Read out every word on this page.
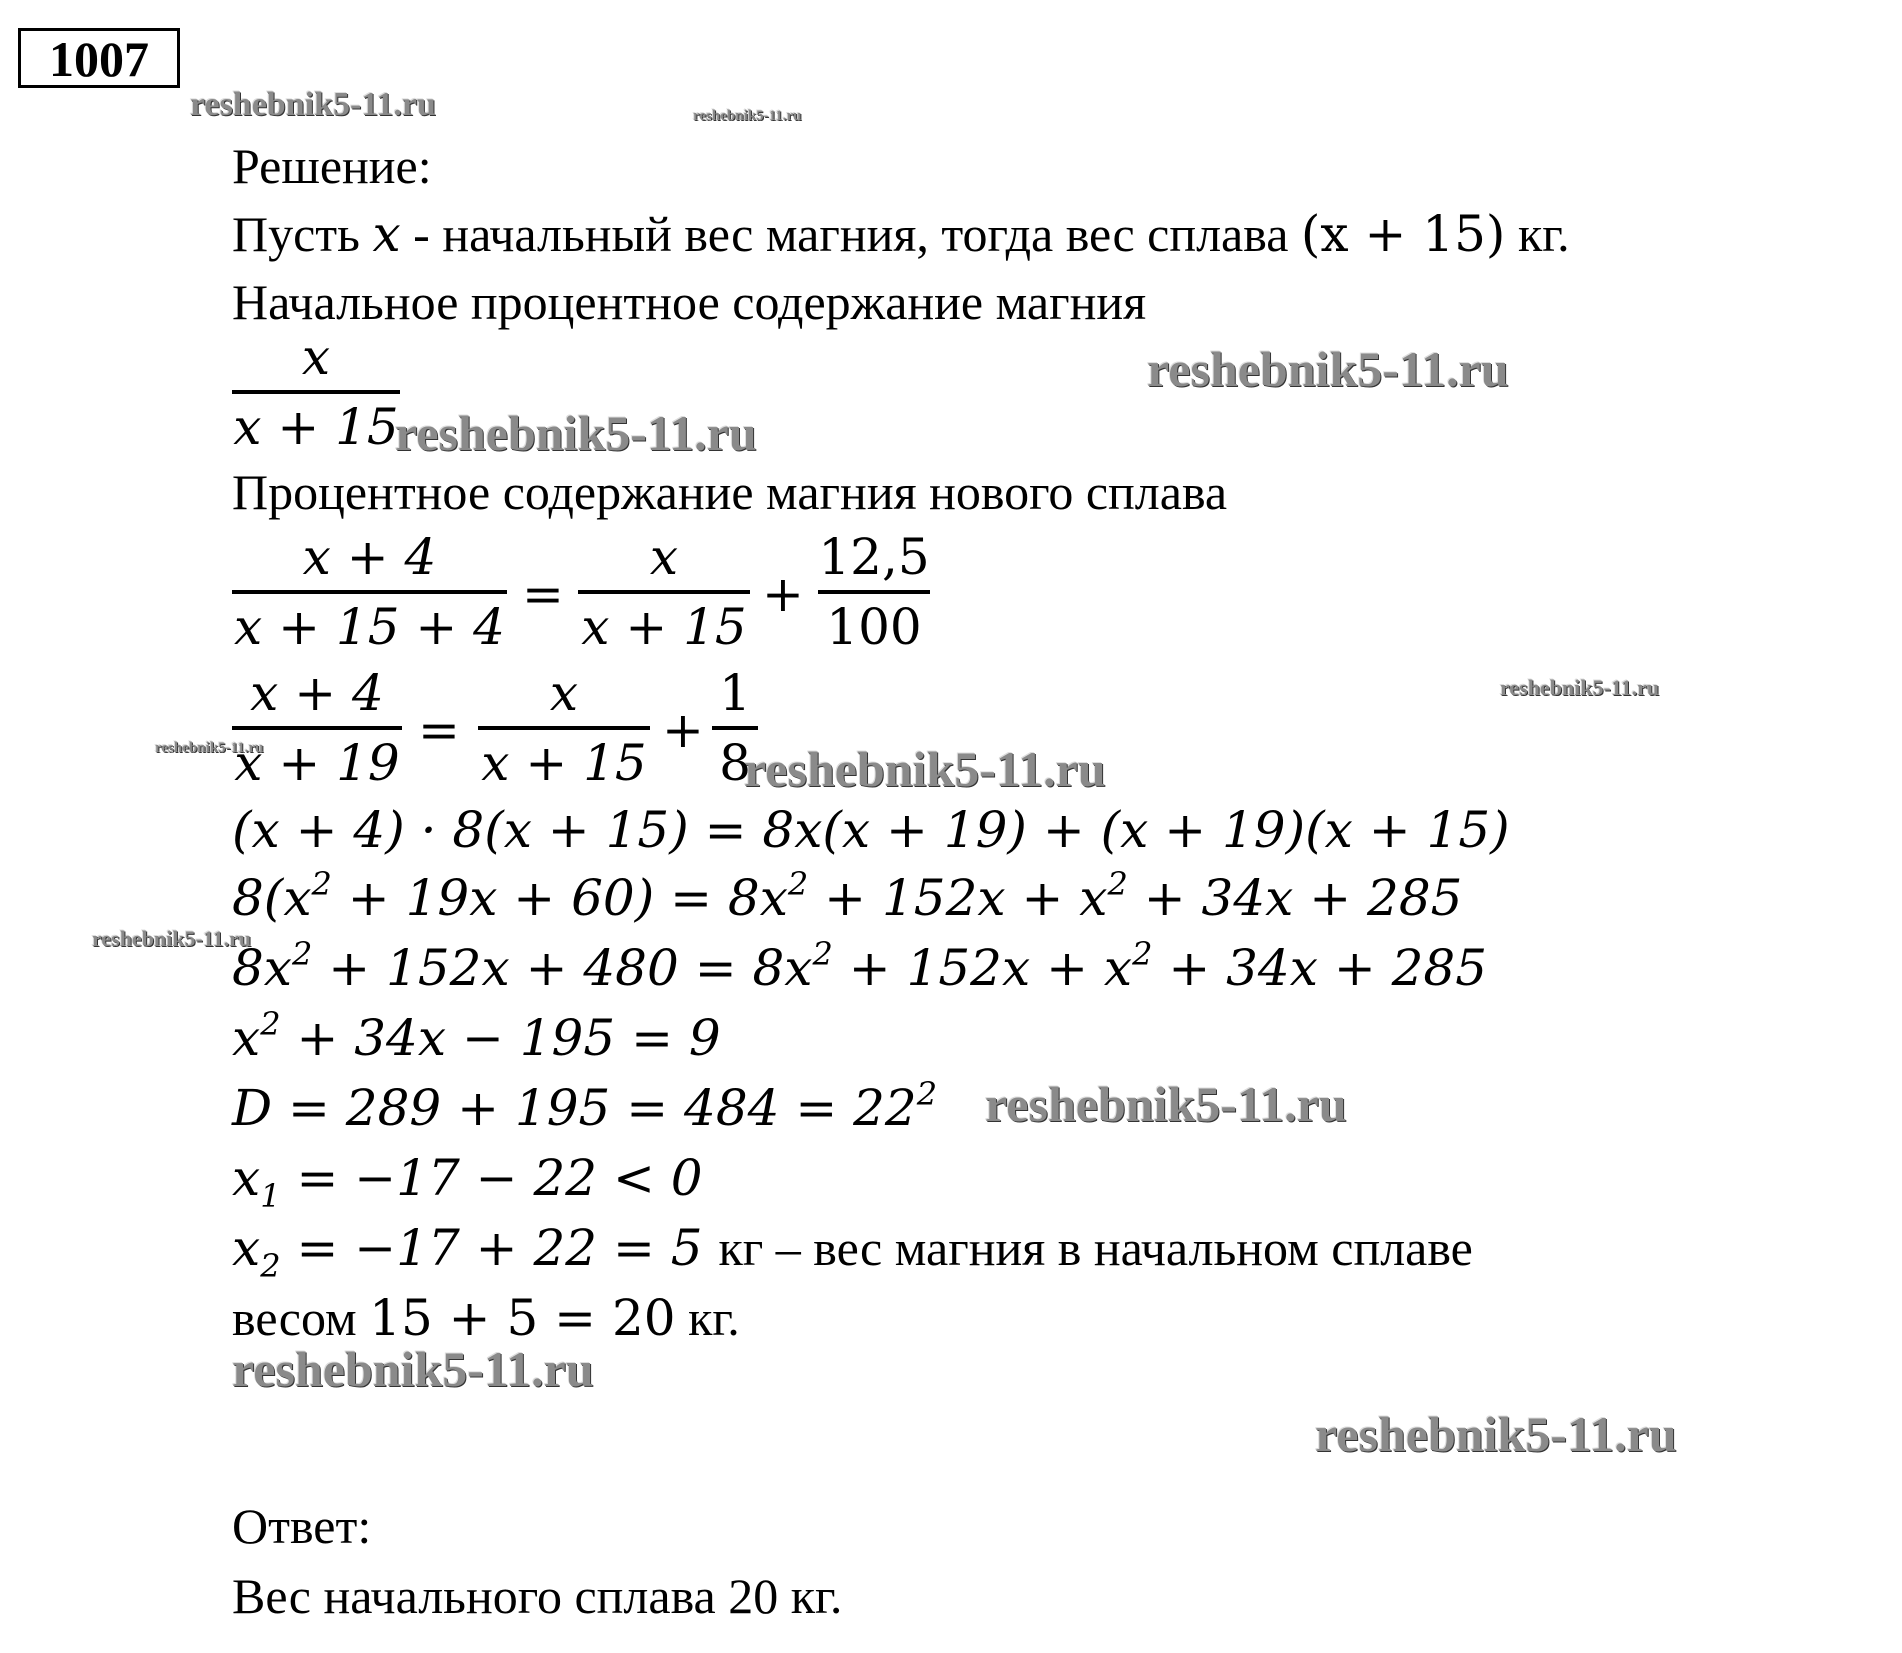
1007
reshebnik5-11.ru	reshebnik5-11.ru
reshebnik5-11.ru
reshebnik5-11.ru
reshebnik5-11.ru
reshebnik5-11.ru	reshebnik5-11.ru
reshebnik5-11.ru
reshebnik5-11.ru
reshebnik5-11.ru
reshebnik5-11.ru
Решение:
Пусть x - начальный вес магния, тогда вес сплава (x + 15) кг.
Начальное процентное содержание магния
x
x + 15
Процентное содержание магния нового сплава
x + 4
x + 15 + 4
=
x
x + 15
+
12,5
100
x + 4
x + 19
=
x
x + 15
+
1
8
(x + 4) · 8(x + 15) = 8x(x + 19) + (x + 19)(x + 15)
$8(x^2 + 19x + 60) = 8x^2 + 152x + x^2 + 34x + 285$
$8x^2 + 152x + 480 = 8x^2 + 152x + x^2 + 34x + 285$
$x^2 + 34x - 195 = 9$
$D = 289 + 195 = 484 = 22^2$
$x_1 = -17 - 22 < 0$
$x_2 = -17 + 22 = 5$ кг – вес магния в начальном сплаве
весом 15 + 5 = 20 кг.
Ответ:
Вес начального сплава 20 кг.
